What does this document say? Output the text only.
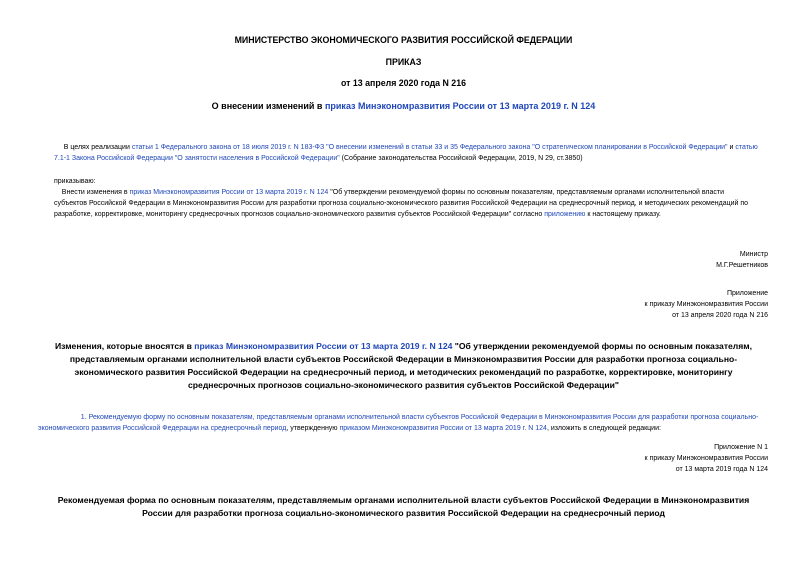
МИНИСТЕРСТВО ЭКОНОМИЧЕСКОГО РАЗВИТИЯ РОССИЙСКОЙ ФЕДЕРАЦИИ
ПРИКАЗ
от 13 апреля 2020 года N 216
О внесении изменений в приказ Минэкономразвития России от 13 марта 2019 г. N 124
В целях реализации статьи 1 Федерального закона от 18 июля 2019 г. N 183-ФЗ "О внесении изменений в статьи 33 и 35 Федерального закона "О стратегическом планировании в Российской Федерации" и статью
7.1-1 Закона Российской Федерации "О занятости населения в Российской Федерации" (Собрание законодательства Российской Федерации, 2019, N 29, ст.3850)
приказываю:
Внести изменения в приказ Минэкономразвития России от 13 марта 2019 г. N 124 "Об утверждении рекомендуемой формы по основным показателям, представляемым органами исполнительной власти
субъектов Российской Федерации в Минэкономразвития России для разработки прогноза социально-экономического развития Российской Федерации на среднесрочный период, и методических рекомендаций по
разработке, корректировке, мониторингу среднесрочных прогнозов социально-экономического развития субъектов Российской Федерации" согласно приложению к настоящему приказу.
Министр
М.Г.Решетников
Приложение
к приказу Минэкономразвития России
от 13 апреля 2020 года N 216
Изменения, которые вносятся в приказ Минэкономразвития России от 13 марта 2019 г. N 124 "Об утверждении рекомендуемой формы по основным показателям,
представляемым органами исполнительной власти субъектов Российской Федерации в Минэкономразвития России для разработки прогноза социально-
экономического развития Российской Федерации на среднесрочный период, и методических рекомендаций по разработке, корректировке, мониторингу
среднесрочных прогнозов социально-экономического развития субъектов Российской Федерации"
1. Рекомендуемую форму по основным показателям, представляемым органами исполнительной власти субъектов Российской Федерации в Минэкономразвития России для разработки прогноза социально-
экономического развития Российской Федерации на среднесрочный период, утвержденную приказом Минэкономразвития России от 13 марта 2019 г. N 124, изложить в следующей редакции:
Приложение N 1
к приказу Минэкономразвития России
от 13 марта 2019 года N 124
Рекомендуемая форма по основным показателям, представляемым органами исполнительной власти субъектов Российской Федерации в Минэкономразвития
России для разработки прогноза социально-экономического развития Российской Федерации на среднесрочный период
